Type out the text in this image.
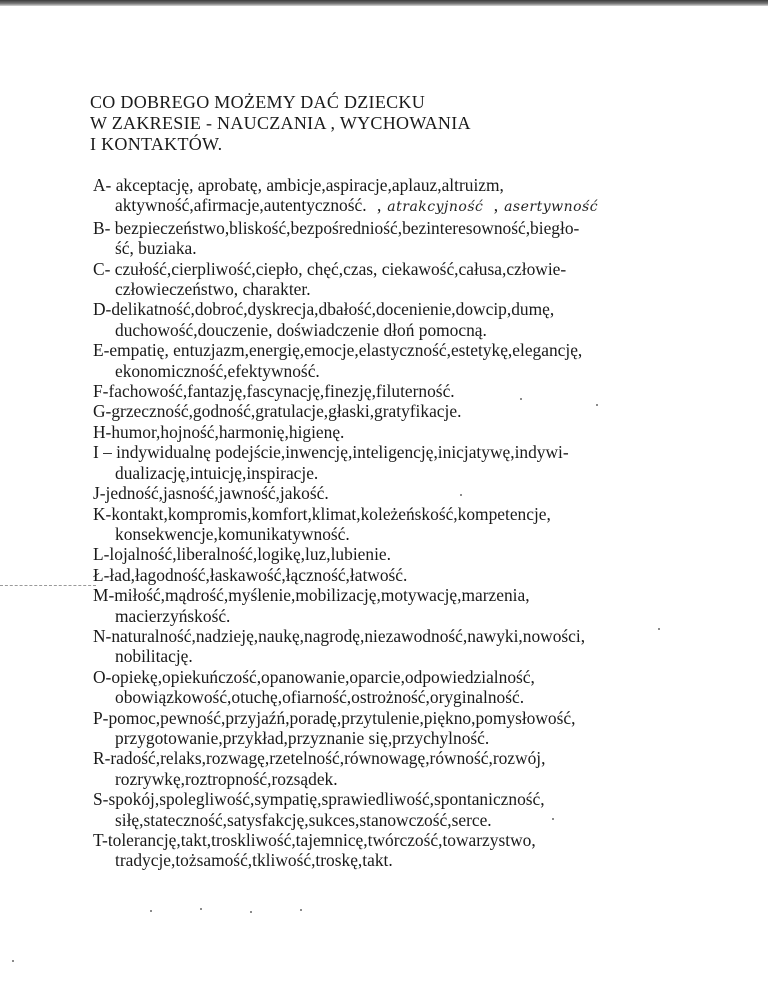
CO DOBREGO MOŻEMY DAĆ DZIECKU
W ZAKRESIE - NAUCZANIA , WYCHOWANIA
I KONTAKTÓW.
A- akceptację, aprobatę, ambicje,aspiracje,aplauz,altruizm,
aktywność,afirmacje,autentyczność. , atrakcyjność , asertywność
B- bezpieczeństwo,bliskość,bezpośredniość,bezinteresowność,biegło-
ść, buziaka.
C- czułość,cierpliwość,ciepło, chęć,czas, ciekawość,całusa,człowie-
człowieczeństwo, charakter.
D-delikatność,dobroć,dyskrecja,dbałość,docenienie,dowcip,dumę,
duchowość,douczenie, doświadczenie dłoń pomocną.
E-empatię, entuzjazm,energię,emocje,elastyczność,estetykę,elegancję,
ekonomiczność,efektywność.
F-fachowość,fantazję,fascynację,finezję,filuterność.
G-grzeczność,godność,gratulacje,głaski,gratyfikacje.
H-humor,hojność,harmonię,higienę.
I – indywidualnę podejście,inwencję,inteligencję,inicjatywę,indywi-
dualizację,intuicję,inspiracje.
J-jedność,jasność,jawność,jakość.
K-kontakt,kompromis,komfort,klimat,koleżeńskość,kompetencje,
konsekwencje,komunikatywność.
L-lojalność,liberalność,logikę,luz,lubienie.
Ł-ład,łagodność,łaskawość,łączność,łatwość.
M-miłość,mądrość,myślenie,mobilizację,motywację,marzenia,
macierzyńskość.
N-naturalność,nadzieję,naukę,nagrodę,niezawodność,nawyki,nowości,
nobilitację.
O-opiekę,opiekuńczość,opanowanie,oparcie,odpowiedzialność,
obowiązkowość,otuchę,ofiarność,ostrożność,oryginalność.
P-pomoc,pewność,przyjaźń,poradę,przytulenie,piękno,pomysłowość,
przygotowanie,przykład,przyznanie się,przychylność.
R-radość,relaks,rozwagę,rzetelność,równowagę,równość,rozwój,
rozrywkę,roztropność,rozsądek.
S-spokój,spolegliwość,sympatię,sprawiedliwość,spontaniczność,
siłę,stateczność,satysfakcję,sukces,stanowczość,serce.
T-tolerancję,takt,troskliwość,tajemnicę,twórczość,towarzystwo,
tradycje,tożsamość,tkliwość,troskę,takt.
